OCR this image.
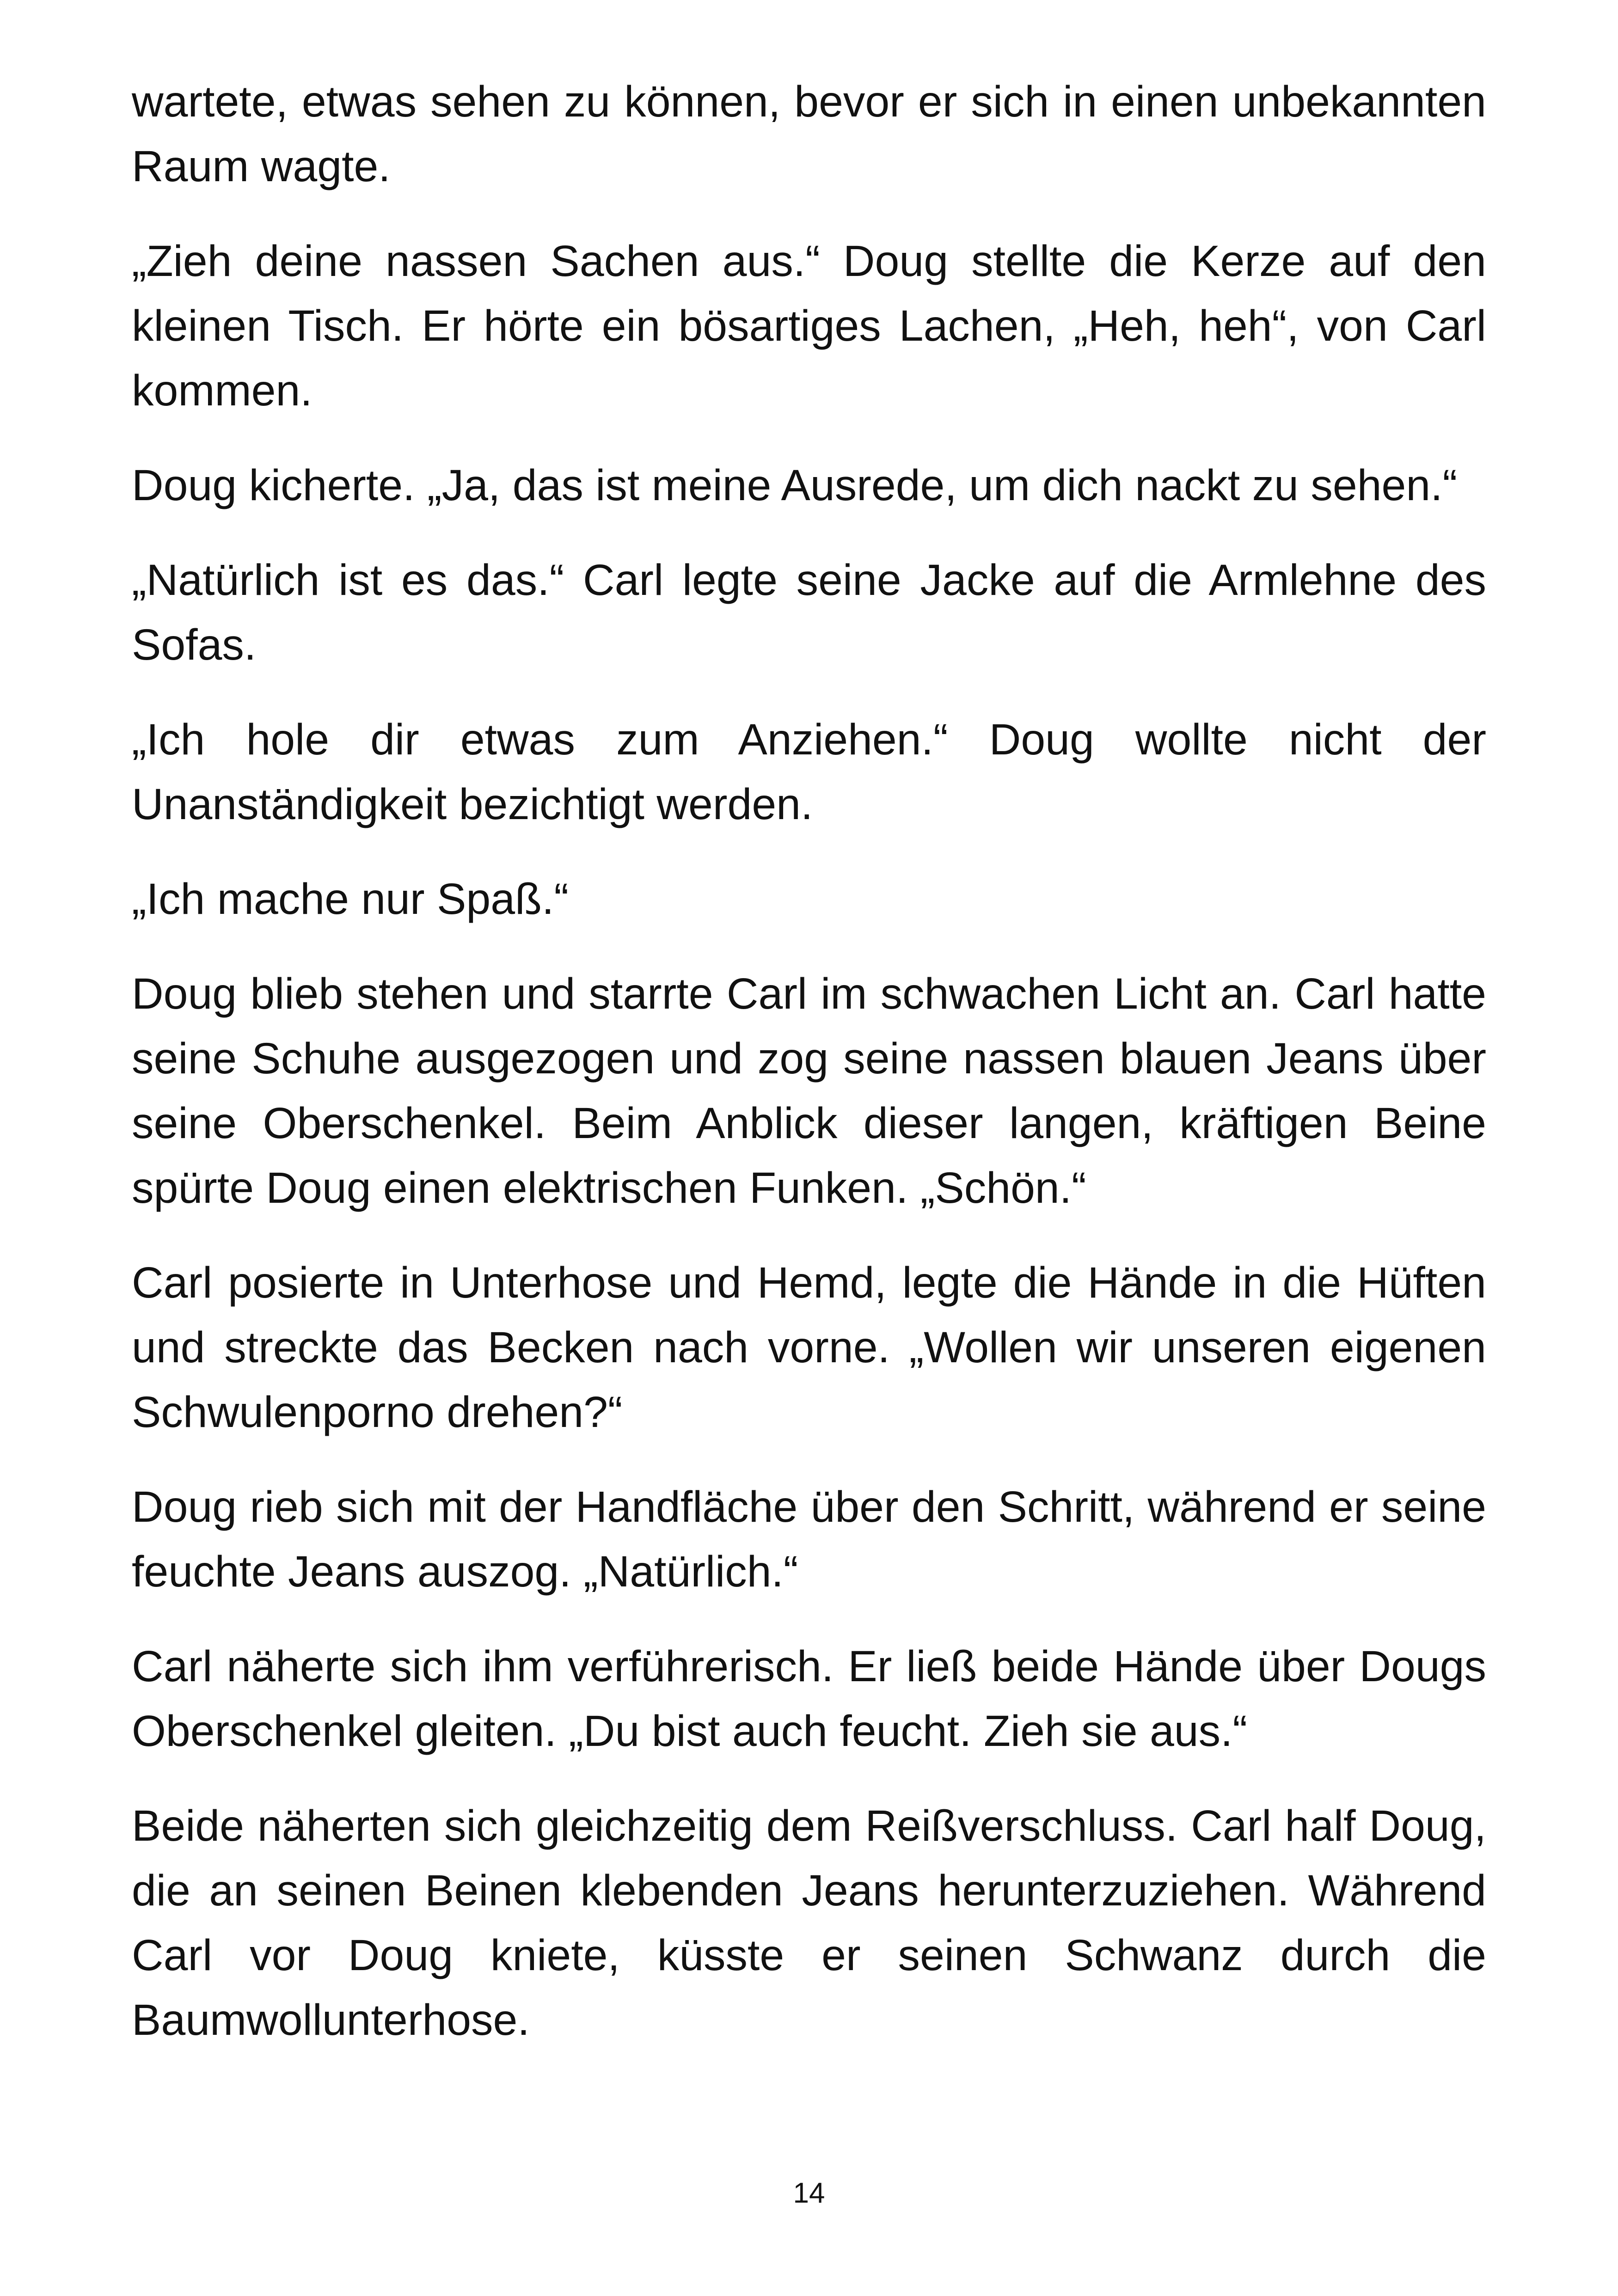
wartete, etwas sehen zu können, bevor er sich in einen unbekannten Raum wagte.

„Zieh deine nassen Sachen aus.“ Doug stellte die Kerze auf den kleinen Tisch. Er hörte ein bösartiges Lachen, „Heh, heh“, von Carl kommen.

Doug kicherte. „Ja, das ist meine Ausrede, um dich nackt zu sehen.“

„Natürlich ist es das.“ Carl legte seine Jacke auf die Armlehne des Sofas.

„Ich hole dir etwas zum Anziehen.“ Doug wollte nicht der Unanständigkeit bezichtigt werden.

„Ich mache nur Spaß.“

Doug blieb stehen und starrte Carl im schwachen Licht an. Carl hatte seine Schuhe ausgezogen und zog seine nassen blauen Jeans über seine Oberschenkel. Beim Anblick dieser langen, kräftigen Beine spürte Doug einen elektrischen Funken. „Schön.“

Carl posierte in Unterhose und Hemd, legte die Hände in die Hüften und streckte das Becken nach vorne. „Wollen wir unseren eigenen Schwulenporno drehen?“

Doug rieb sich mit der Handfläche über den Schritt, während er seine feuchte Jeans auszog. „Natürlich.“

Carl näherte sich ihm verführerisch. Er ließ beide Hände über Dougs Oberschenkel gleiten. „Du bist auch feucht. Zieh sie aus.“

Beide näherten sich gleichzeitig dem Reißverschluss. Carl half Doug, die an seinen Beinen klebenden Jeans herunterzuziehen. Während Carl vor Doug kniete, küsste er seinen Schwanz durch die Baumwollunterhose.

14
